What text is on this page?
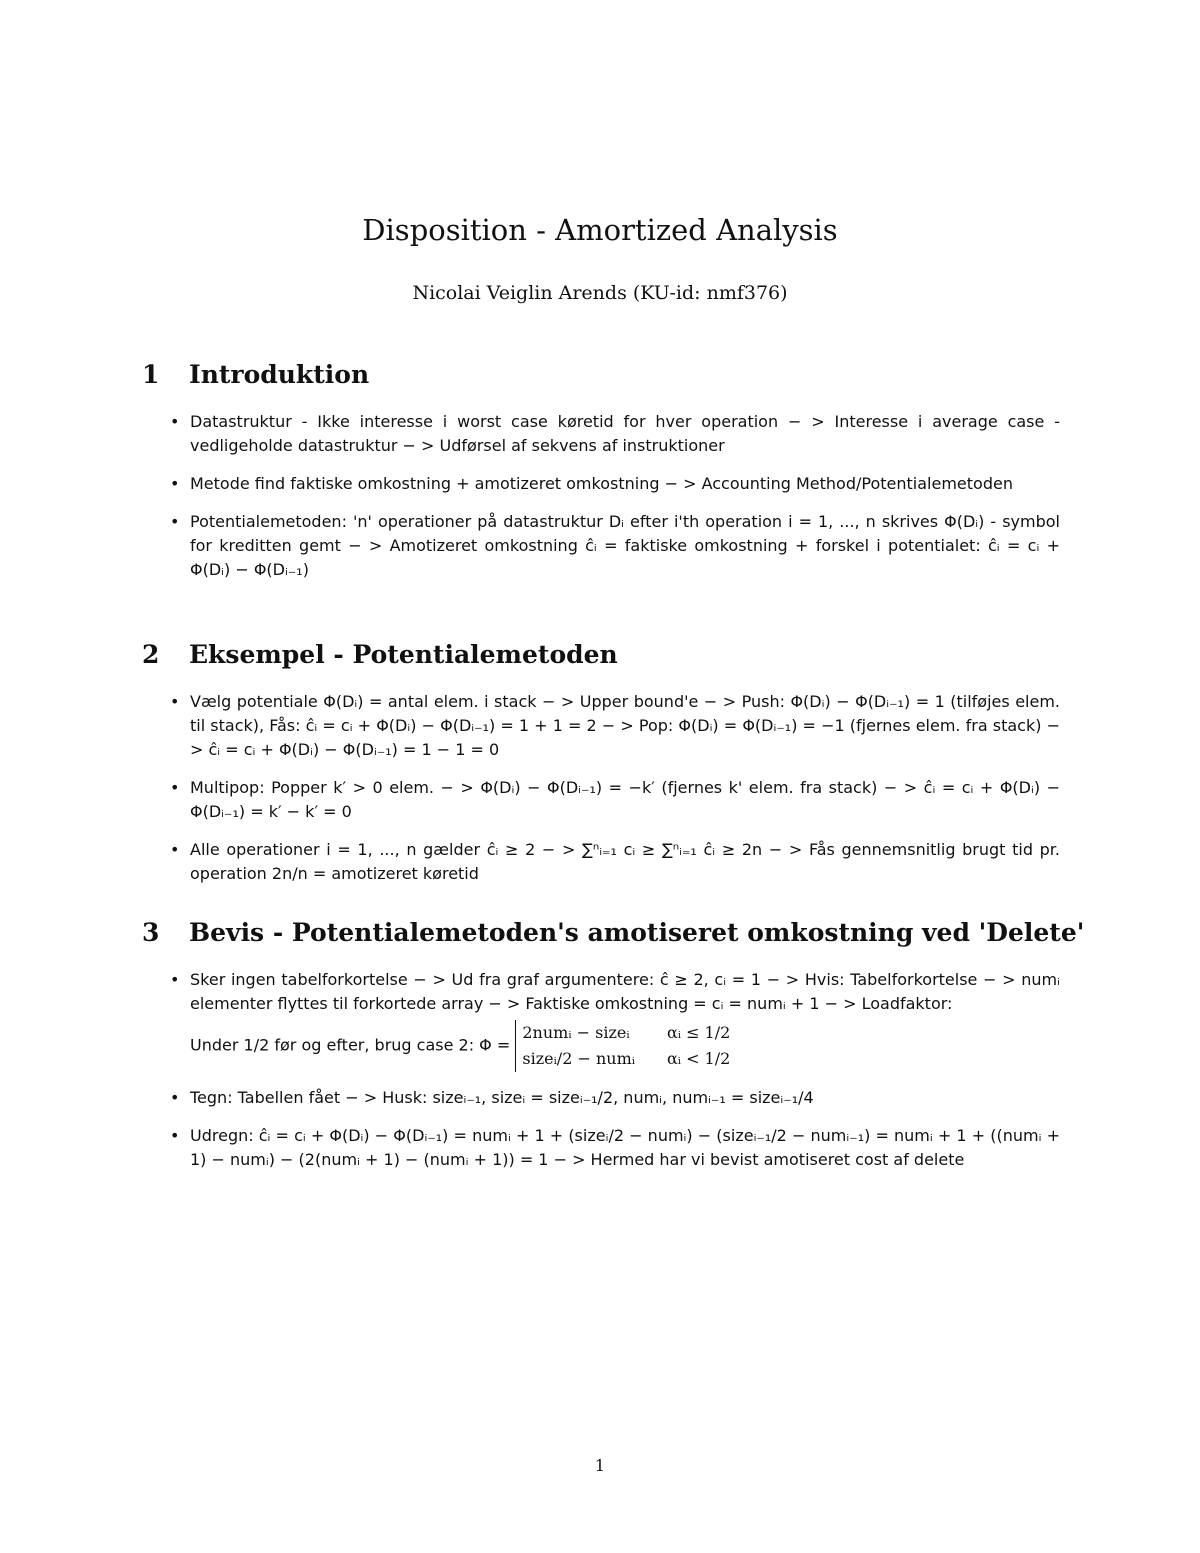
Disposition - Amortized Analysis
Nicolai Veiglin Arends (KU-id: nmf376)
1 Introduktion
• Datastruktur - Ikke interesse i worst case køretid for hver operation − > Interesse i average case - vedligeholde datastruktur − > Udførsel af sekvens af instruktioner
• Metode find faktiske omkostning + amotizeret omkostning − > Accounting Method/Potentialemetoden
• Potentialemetoden: 'n' operationer på datastruktur Dᵢ efter i'th operation i = 1, ..., n skrives Φ(Dᵢ) - symbol for kreditten gemt − > Amotizeret omkostning ĉᵢ = faktiske omkostning + forskel i potentialet: ĉᵢ = cᵢ + Φ(Dᵢ) − Φ(Dᵢ₋₁)
2 Eksempel - Potentialemetoden
• Vælg potentiale Φ(Dᵢ) = antal elem. i stack − > Upper bound'e − > Push: Φ(Dᵢ) − Φ(Dᵢ₋₁) = 1 (tilføjes elem. til stack), Fås: ĉᵢ = cᵢ + Φ(Dᵢ) − Φ(Dᵢ₋₁) = 1 + 1 = 2 − > Pop: Φ(Dᵢ) = Φ(Dᵢ₋₁) = −1 (fjernes elem. fra stack) − > ĉᵢ = cᵢ + Φ(Dᵢ) − Φ(Dᵢ₋₁) = 1 − 1 = 0
• Multipop: Popper k′ > 0 elem. − > Φ(Dᵢ) − Φ(Dᵢ₋₁) = −k′ (fjernes k' elem. fra stack) − > ĉᵢ = cᵢ + Φ(Dᵢ) − Φ(Dᵢ₋₁) = k′ − k′ = 0
• Alle operationer i = 1, ..., n gælder ĉᵢ ≥ 2 − > ∑ⁿᵢ₌₁ cᵢ ≥ ∑ⁿᵢ₌₁ ĉᵢ ≥ 2n − > Fås gennemsnitlig brugt tid pr. operation 2n/n = amotizeret køretid
3 Bevis - Potentialemetoden's amotiseret omkostning ved 'Delete'
• Sker ingen tabelforkortelse − > Ud fra graf argumentere: ĉ ≥ 2, cᵢ = 1 − > Hvis: Tabelforkortelse − > numᵢ elementer flyttes til forkortede array − > Faktiske omkostning = cᵢ = numᵢ + 1 − > Loadfaktor:
Under 1/2 før og efter, brug case 2: Φ =
2numᵢ − sizeᵢ	αᵢ ≤ 1/2
sizeᵢ/2 − numᵢ αᵢ < 1/2
• Tegn: Tabellen fået − > Husk: sizeᵢ₋₁, sizeᵢ = sizeᵢ₋₁/2, numᵢ, numᵢ₋₁ = sizeᵢ₋₁/4
• Udregn: ĉᵢ = cᵢ + Φ(Dᵢ) − Φ(Dᵢ₋₁) = numᵢ + 1 + (sizeᵢ/2 − numᵢ) − (sizeᵢ₋₁/2 − numᵢ₋₁) = numᵢ + 1 + ((numᵢ + 1) − numᵢ) − (2(numᵢ + 1) − (numᵢ + 1)) = 1 − > Hermed har vi bevist amotiseret cost af delete
1
